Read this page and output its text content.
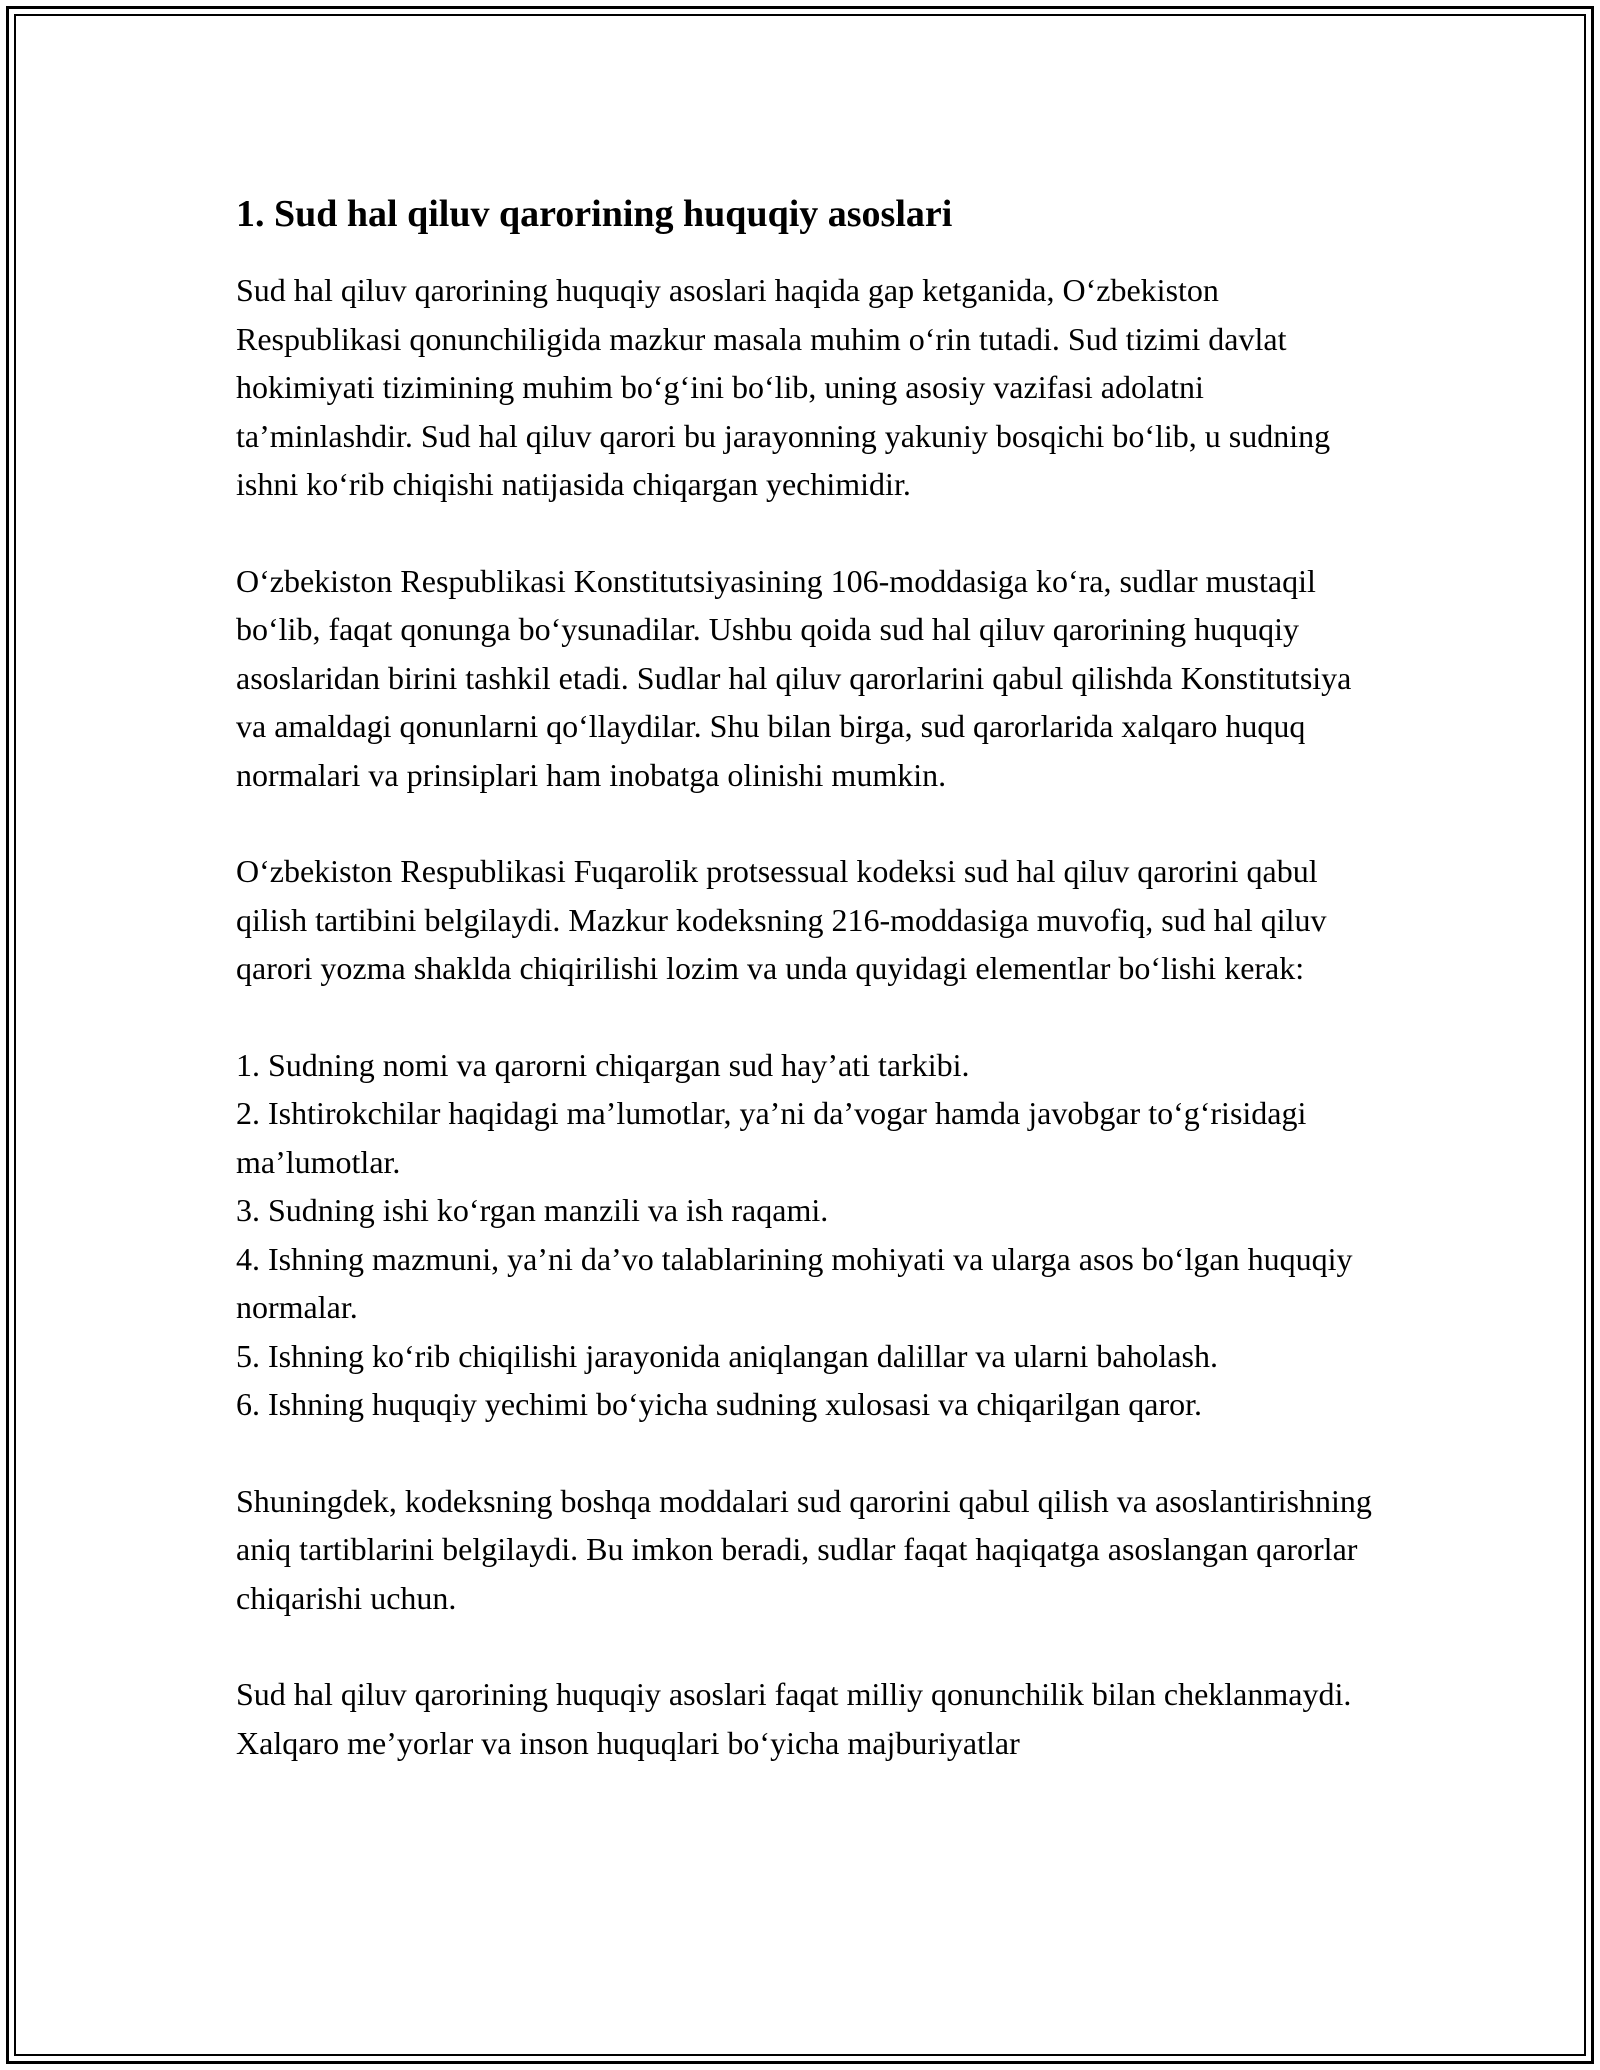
1. Sud hal qiluv qarorining huquqiy asoslari

Sud hal qiluv qarorining huquqiy asoslari haqida gap ketganida, O‘zbekiston Respublikasi qonunchiligida mazkur masala muhim o‘rin tutadi. Sud tizimi davlat hokimiyati tizimining muhim bo‘g‘ini bo‘lib, uning asosiy vazifasi adolatni ta’minlashdir. Sud hal qiluv qarori bu jarayonning yakuniy bosqichi bo‘lib, u sudning ishni ko‘rib chiqishi natijasida chiqargan yechimidir.

O‘zbekiston Respublikasi Konstitutsiyasining 106-moddasiga ko‘ra, sudlar mustaqil bo‘lib, faqat qonunga bo‘ysunadilar. Ushbu qoida sud hal qiluv qarorining huquqiy asoslaridan birini tashkil etadi. Sudlar hal qiluv qarorlarini qabul qilishda Konstitutsiya va amaldagi qonunlarni qo‘llaydilar. Shu bilan birga, sud qarorlarida xalqaro huquq normalari va prinsiplari ham inobatga olinishi mumkin.

O‘zbekiston Respublikasi Fuqarolik protsessual kodeksi sud hal qiluv qarorini qabul qilish tartibini belgilaydi. Mazkur kodeksning 216-moddasiga muvofiq, sud hal qiluv qarori yozma shaklda chiqirilishi lozim va unda quyidagi elementlar bo‘lishi kerak:

1. Sudning nomi va qarorni chiqargan sud hay’ati tarkibi.
2. Ishtirokchilar haqidagi ma’lumotlar, ya’ni da’vogar hamda javobgar to‘g‘risidagi ma’lumotlar.
3. Sudning ishi ko‘rgan manzili va ish raqami.
4. Ishning mazmuni, ya’ni da’vo talablarining mohiyati va ularga asos bo‘lgan huquqiy normalar.
5. Ishning ko‘rib chiqilishi jarayonida aniqlangan dalillar va ularni baholash.
6. Ishning huquqiy yechimi bo‘yicha sudning xulosasi va chiqarilgan qaror.

Shuningdek, kodeksning boshqa moddalari sud qarorini qabul qilish va asoslantirishning aniq tartiblarini belgilaydi. Bu imkon beradi, sudlar faqat haqiqatga asoslangan qarorlar chiqarishi uchun.

Sud hal qiluv qarorining huquqiy asoslari faqat milliy qonunchilik bilan cheklanmaydi. Xalqaro me’yorlar va inson huquqlari bo‘yicha majburiyatlar
